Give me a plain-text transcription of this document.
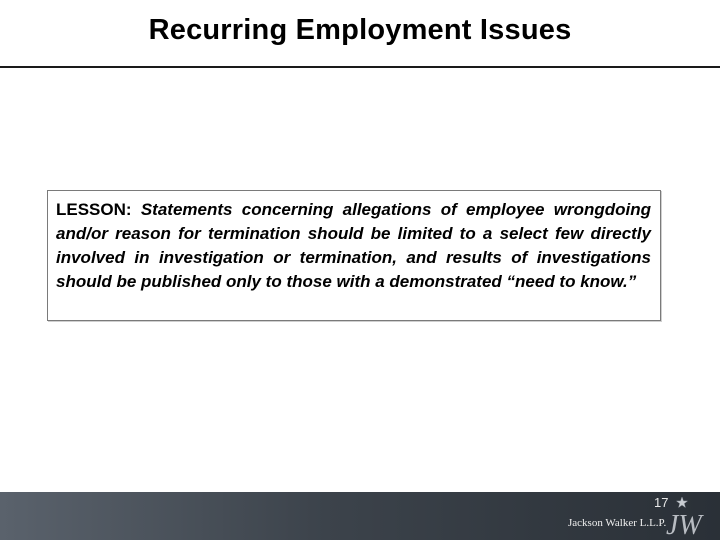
Recurring Employment Issues

LESSON: Statements concerning allegations of employee wrongdoing and/or reason for termination should be limited to a select few directly involved in investigation or termination, and results of investigations should be published only to those with a demonstrated “need to know.”

17
Jackson Walker L.L.P. JW
